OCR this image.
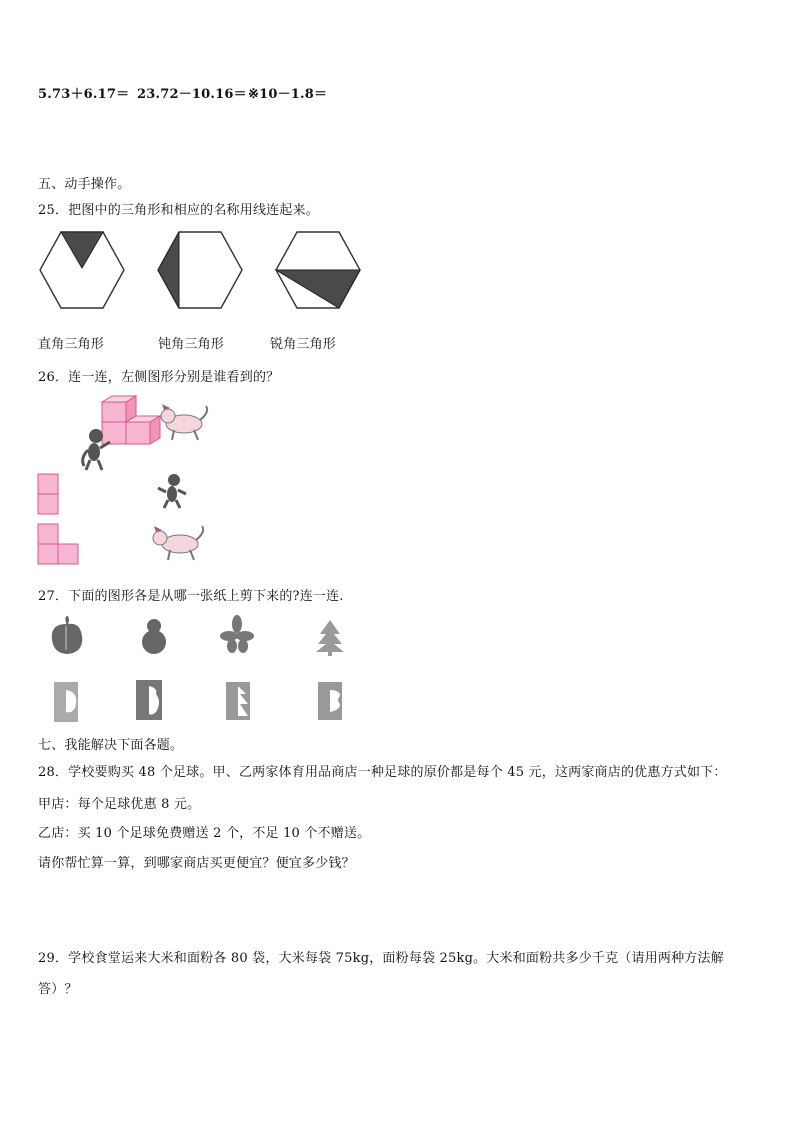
5.73＋6.17＝ 23.72－10.16＝ ※10－1.8＝
五、动手操作。
25．把图中的三角形和相应的名称用线连起来。
直角三角形	钝角三角形	锐角三角形
26．连一连，左侧图形分别是谁看到的？
27．下面的图形各是从哪一张纸上剪下来的?连一连.
七、我能解决下面各题。
28．学校要购买 48 个足球。甲、乙两家体育用品商店一种足球的原价都是每个 45 元，这两家商店的优惠方式如下：
甲店：每个足球优惠 8 元。
乙店：买 10 个足球免费赠送 2 个，不足 10 个不赠送。
请你帮忙算一算，到哪家商店买更便宜？便宜多少钱？
29．学校食堂运来大米和面粉各 80 袋，大米每袋 75kg，面粉每袋 25kg。大米和面粉共多少千克（请用两种方法解
答）？
